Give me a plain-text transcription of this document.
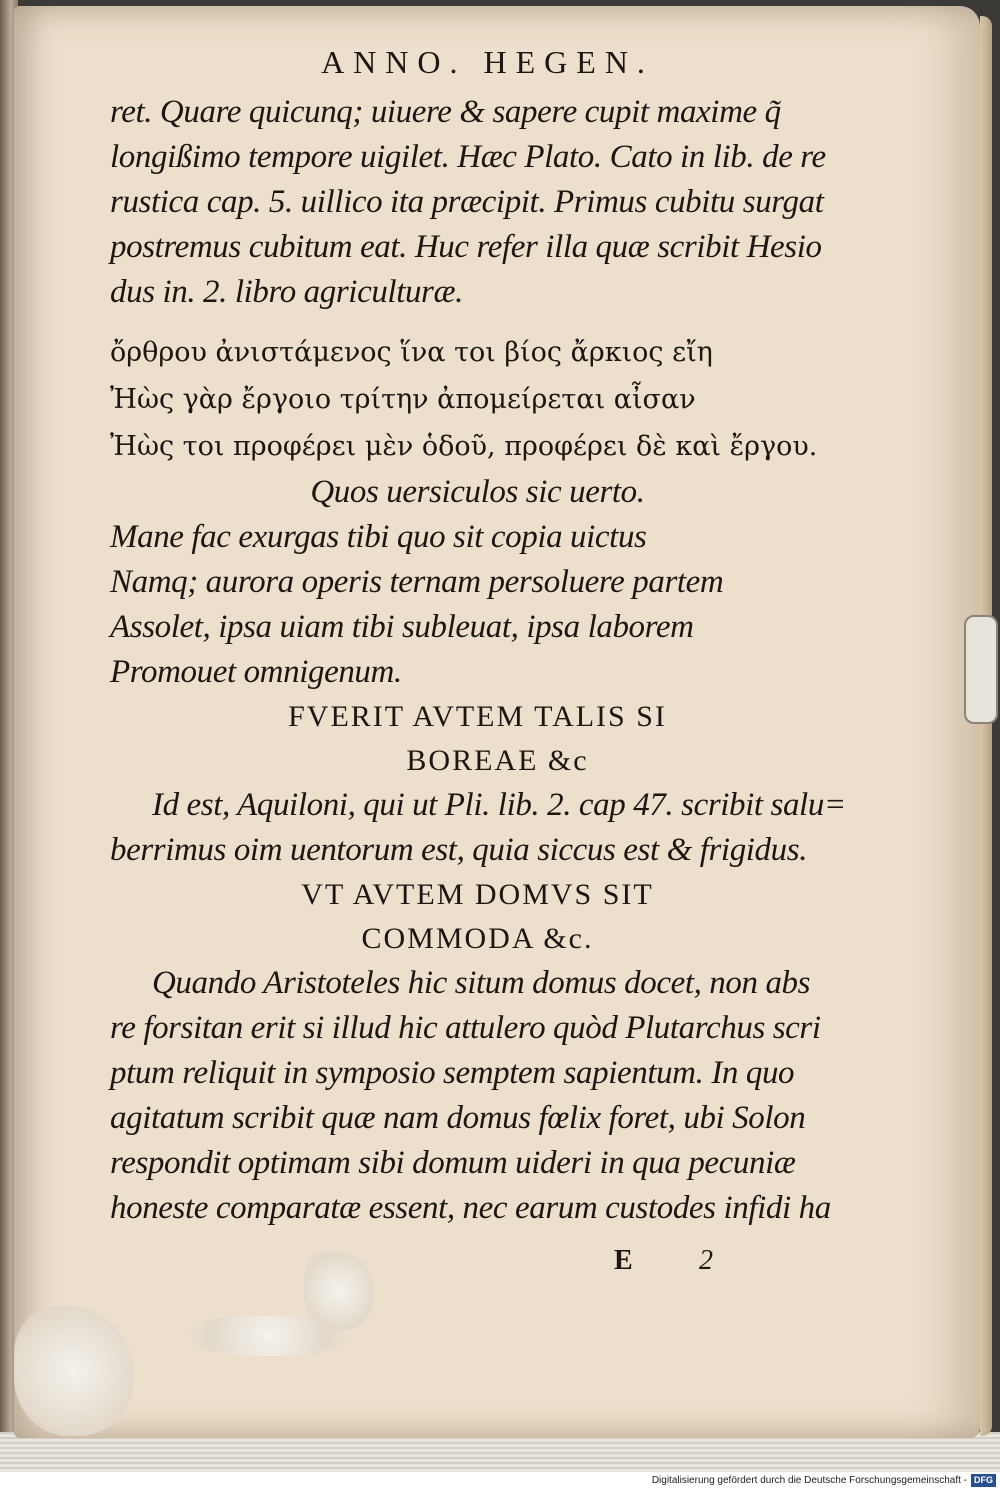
ANNO. HEGEN.
ret. Quare quicunq; uiuere & sapere cupit maxime q̃
longißimo tempore uigilet. Hæc Plato. Cato in lib. de re
rustica cap. 5. uillico ita præcipit. Primus cubitu surgat
postremus cubitum eat. Huc refer illa quæ scribit Hesio
dus in. 2. libro agriculturæ.
ὄρθρου ἀνιστάμενος ἵνα τοι βίος ἄρκιος εἴη
Ἠὼς γὰρ ἔργοιο τρίτην ἀπομείρεται αἶσαν
Ἠὼς τοι προφέρει μὲν ὁδοῦ, προφέρει δὲ καὶ ἔργου.
Quos uersiculos sic uerto.
Mane fac exurgas tibi quo sit copia uictus
Namq; aurora operis ternam persoluere partem
Assolet, ipsa uiam tibi subleuat, ipsa laborem
Promouet omnigenum.
FVERIT AVTEM TALIS SI
BOREAE &c
Id est, Aquiloni, qui ut Pli. lib. 2. cap 47. scribit salu=
berrimus oim uentorum est, quia siccus est & frigidus.
VT AVTEM DOMVS SIT
COMMODA &c.
Quando Aristoteles hic situm domus docet, non abs
re forsitan erit si illud hic attulero quòd Plutarchus scri
ptum reliquit in symposio semptem sapientum. In quo
agitatum scribit quæ nam domus fœlix foret, ubi Solon
respondit optimam sibi domum uideri in qua pecuniæ
honeste comparatæ essent, nec earum custodes infidi ha
E 2
Digitalisierung gefördert durch die Deutsche Forschungsgemeinschaft - DFG
